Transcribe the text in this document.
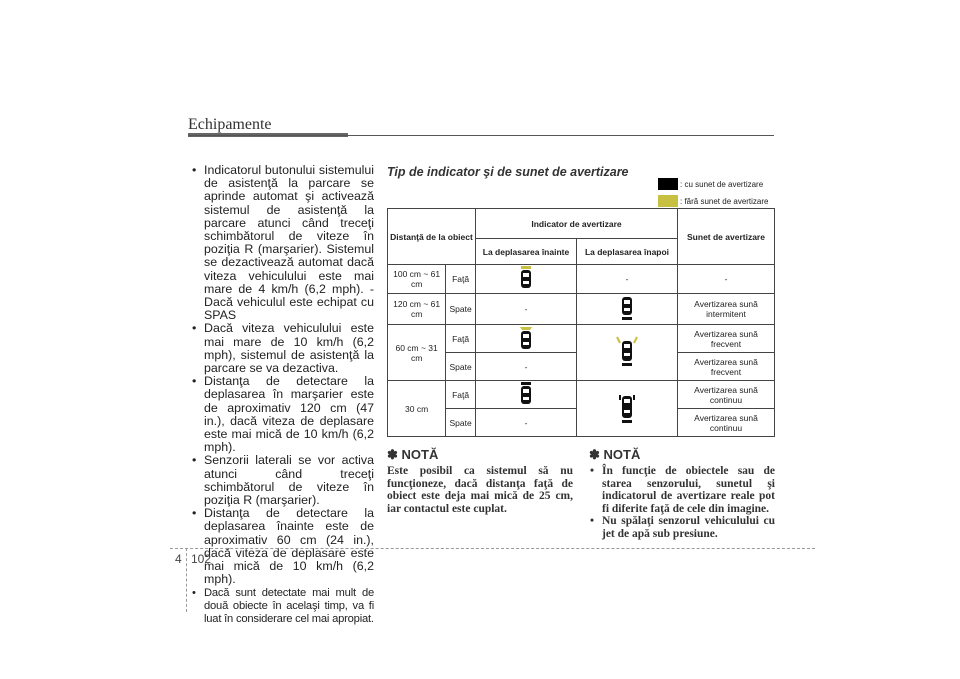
Echipamente
• Indicatorul butonului sistemului de asistenţă la parcare se aprinde automat şi activează sistemul de asistenţă la parcare atunci când treceţi schimbătorul de viteze în poziţia R (marşarier). Sistemul se dezactivează automat dacă viteza vehiculului este mai mare de 4 km/h (6,2 mph). - Dacă vehiculul este echipat cu SPAS
• Dacă viteza vehiculului este mai mare de 10 km/h (6,2 mph), sistemul de asistenţă la parcare se va dezactiva.
• Distanţa de detectare la deplasarea în marşarier este de aproximativ 120 cm (47 in.), dacă viteza de deplasare este mai mică de 10 km/h (6,2 mph).
• Senzorii laterali se vor activa atunci când treceţi schimbătorul de viteze în poziţia R (marşarier).
• Distanţa de detectare la deplasarea înainte este de aproximativ 60 cm (24 in.), dacă viteza de deplasare este mai mică de 10 km/h (6,2 mph).
• Dacă sunt detectate mai mult de două obiecte în acelaşi timp, va fi luat în considerare cel mai apropiat.
Tip de indicator şi de sunet de avertizare
: cu sunet de avertizare
: fără sunet de avertizare
Distanţă de la obiect		Indicator de avertizare		Sunet de avertizare
		La deplasarea înainte	La deplasarea înapoi	
100 cm ~ 61 cm	Faţă		-	-
120 cm ~ 61 cm	Spate	-		Avertizarea sună intermitent
60 cm ~ 31 cm	Faţă			Avertizarea sună frecvent
	Spate	-		Avertizarea sună frecvent
30 cm	Faţă			Avertizarea sună continuu
	Spate	-		Avertizarea sună continuu
✽ NOTĂ
Este posibil ca sistemul să nu funcţioneze, dacă distanţa faţă de obiect este deja mai mică de 25 cm, iar contactul este cuplat.
✽ NOTĂ
• În funcţie de obiectele sau de starea senzorului, sunetul şi indicatorul de avertizare reale pot fi diferite faţă de cele din imagine.
• Nu spălaţi senzorul vehiculului cu jet de apă sub presiune.
4 102
